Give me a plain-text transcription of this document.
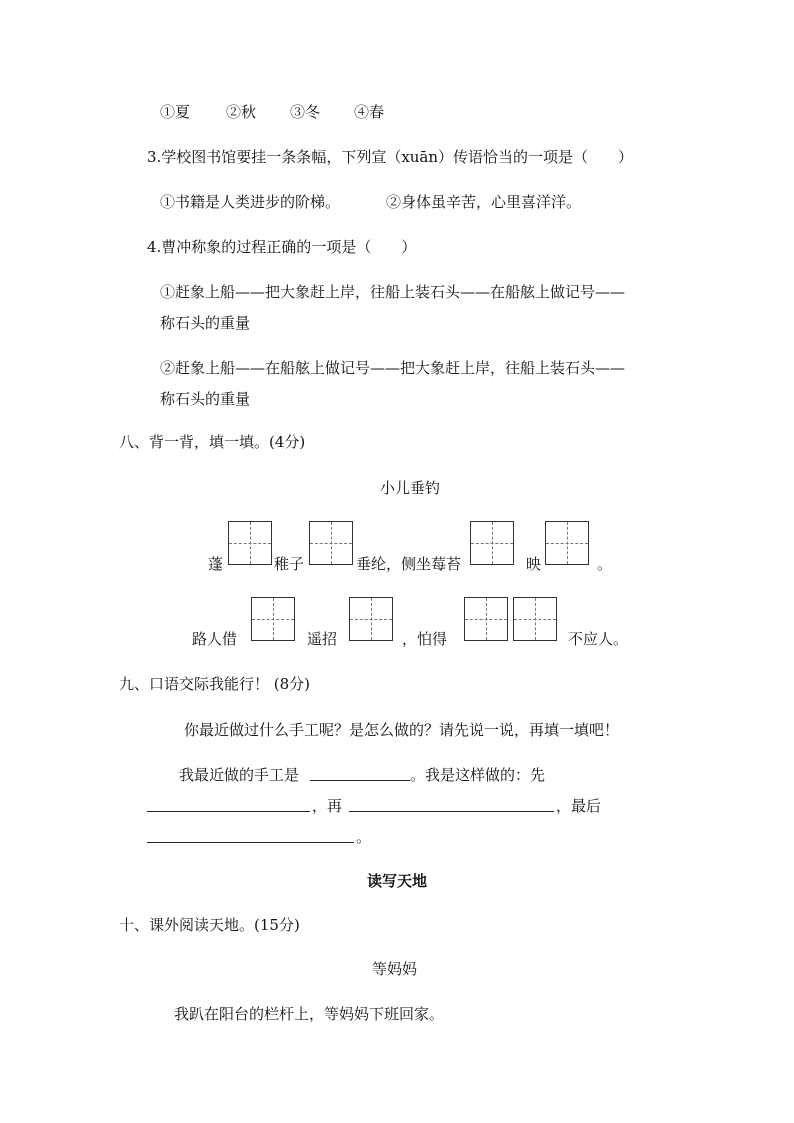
①夏 ②秋 ③冬 ④春
3.学校图书馆要挂一条条幅，下列宣（xuān）传语恰当的一项是（　　）
①书籍是人类进步的阶梯。	②身体虽辛苦，心里喜洋洋。
4.曹冲称象的过程正确的一项是（　　）
①赶象上船——把大象赶上岸，往船上装石头——在船舷上做记号——
称石头的重量
②赶象上船——在船舷上做记号——把大象赶上岸，往船上装石头——
称石头的重量
八、背一背，填一填。(4分)
小儿垂钓
蓬	稚子	垂纶，侧坐莓苔	映	。
路人借	遥招	，怕得	不应人。
九、口语交际我能行！ (8分)
你最近做过什么手工呢？是怎么做的？请先说一说，再填一填吧！
我最近做的手工是	。我是这样做的：先
，再	，最后
。
读写天地
十、课外阅读天地。(15分)
等妈妈
我趴在阳台的栏杆上，等妈妈下班回家。
